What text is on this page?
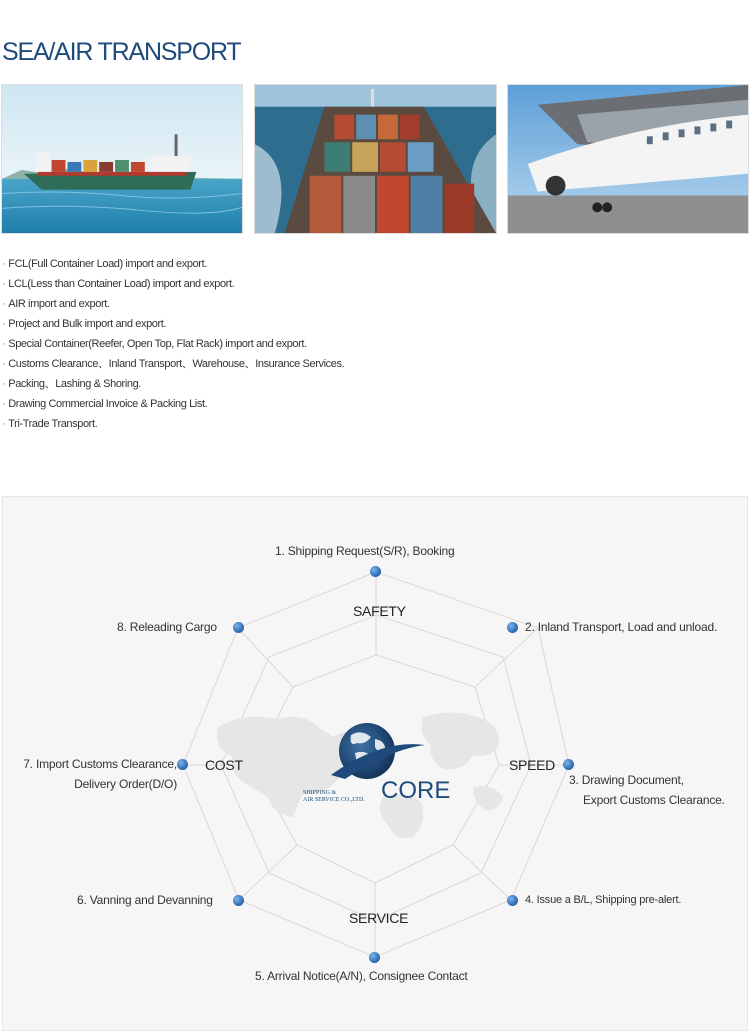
SEA/AIR TRANSPORT
· FCL(Full Container Load) import and export.
· LCL(Less than Container Load) import and export.
· AIR import and export.
· Project and Bulk import and export.
· Special Container(Reefer, Open Top, Flat Rack) import and export.
· Customs Clearance、Inland Transport、Warehouse、Insurance Services.
· Packing、Lashing & Shoring.
· Drawing Commercial Invoice & Packing List.
· Tri-Trade Transport.
CORE
SHIPPING &
AIR SERVICE CO.,LTD.
SAFETY
SPEED
SERVICE
COST
1. Shipping Request(S/R), Booking
2. Inland Transport, Load and unload.
3. Drawing Document,
Export Customs Clearance.
4. Issue a B/L, Shipping pre-alert.
5. Arrival Notice(A/N), Consignee Contact
6. Vanning and Devanning
7. Import Customs Clearance,
Delivery Order(D/O)
8. Releading Cargo
